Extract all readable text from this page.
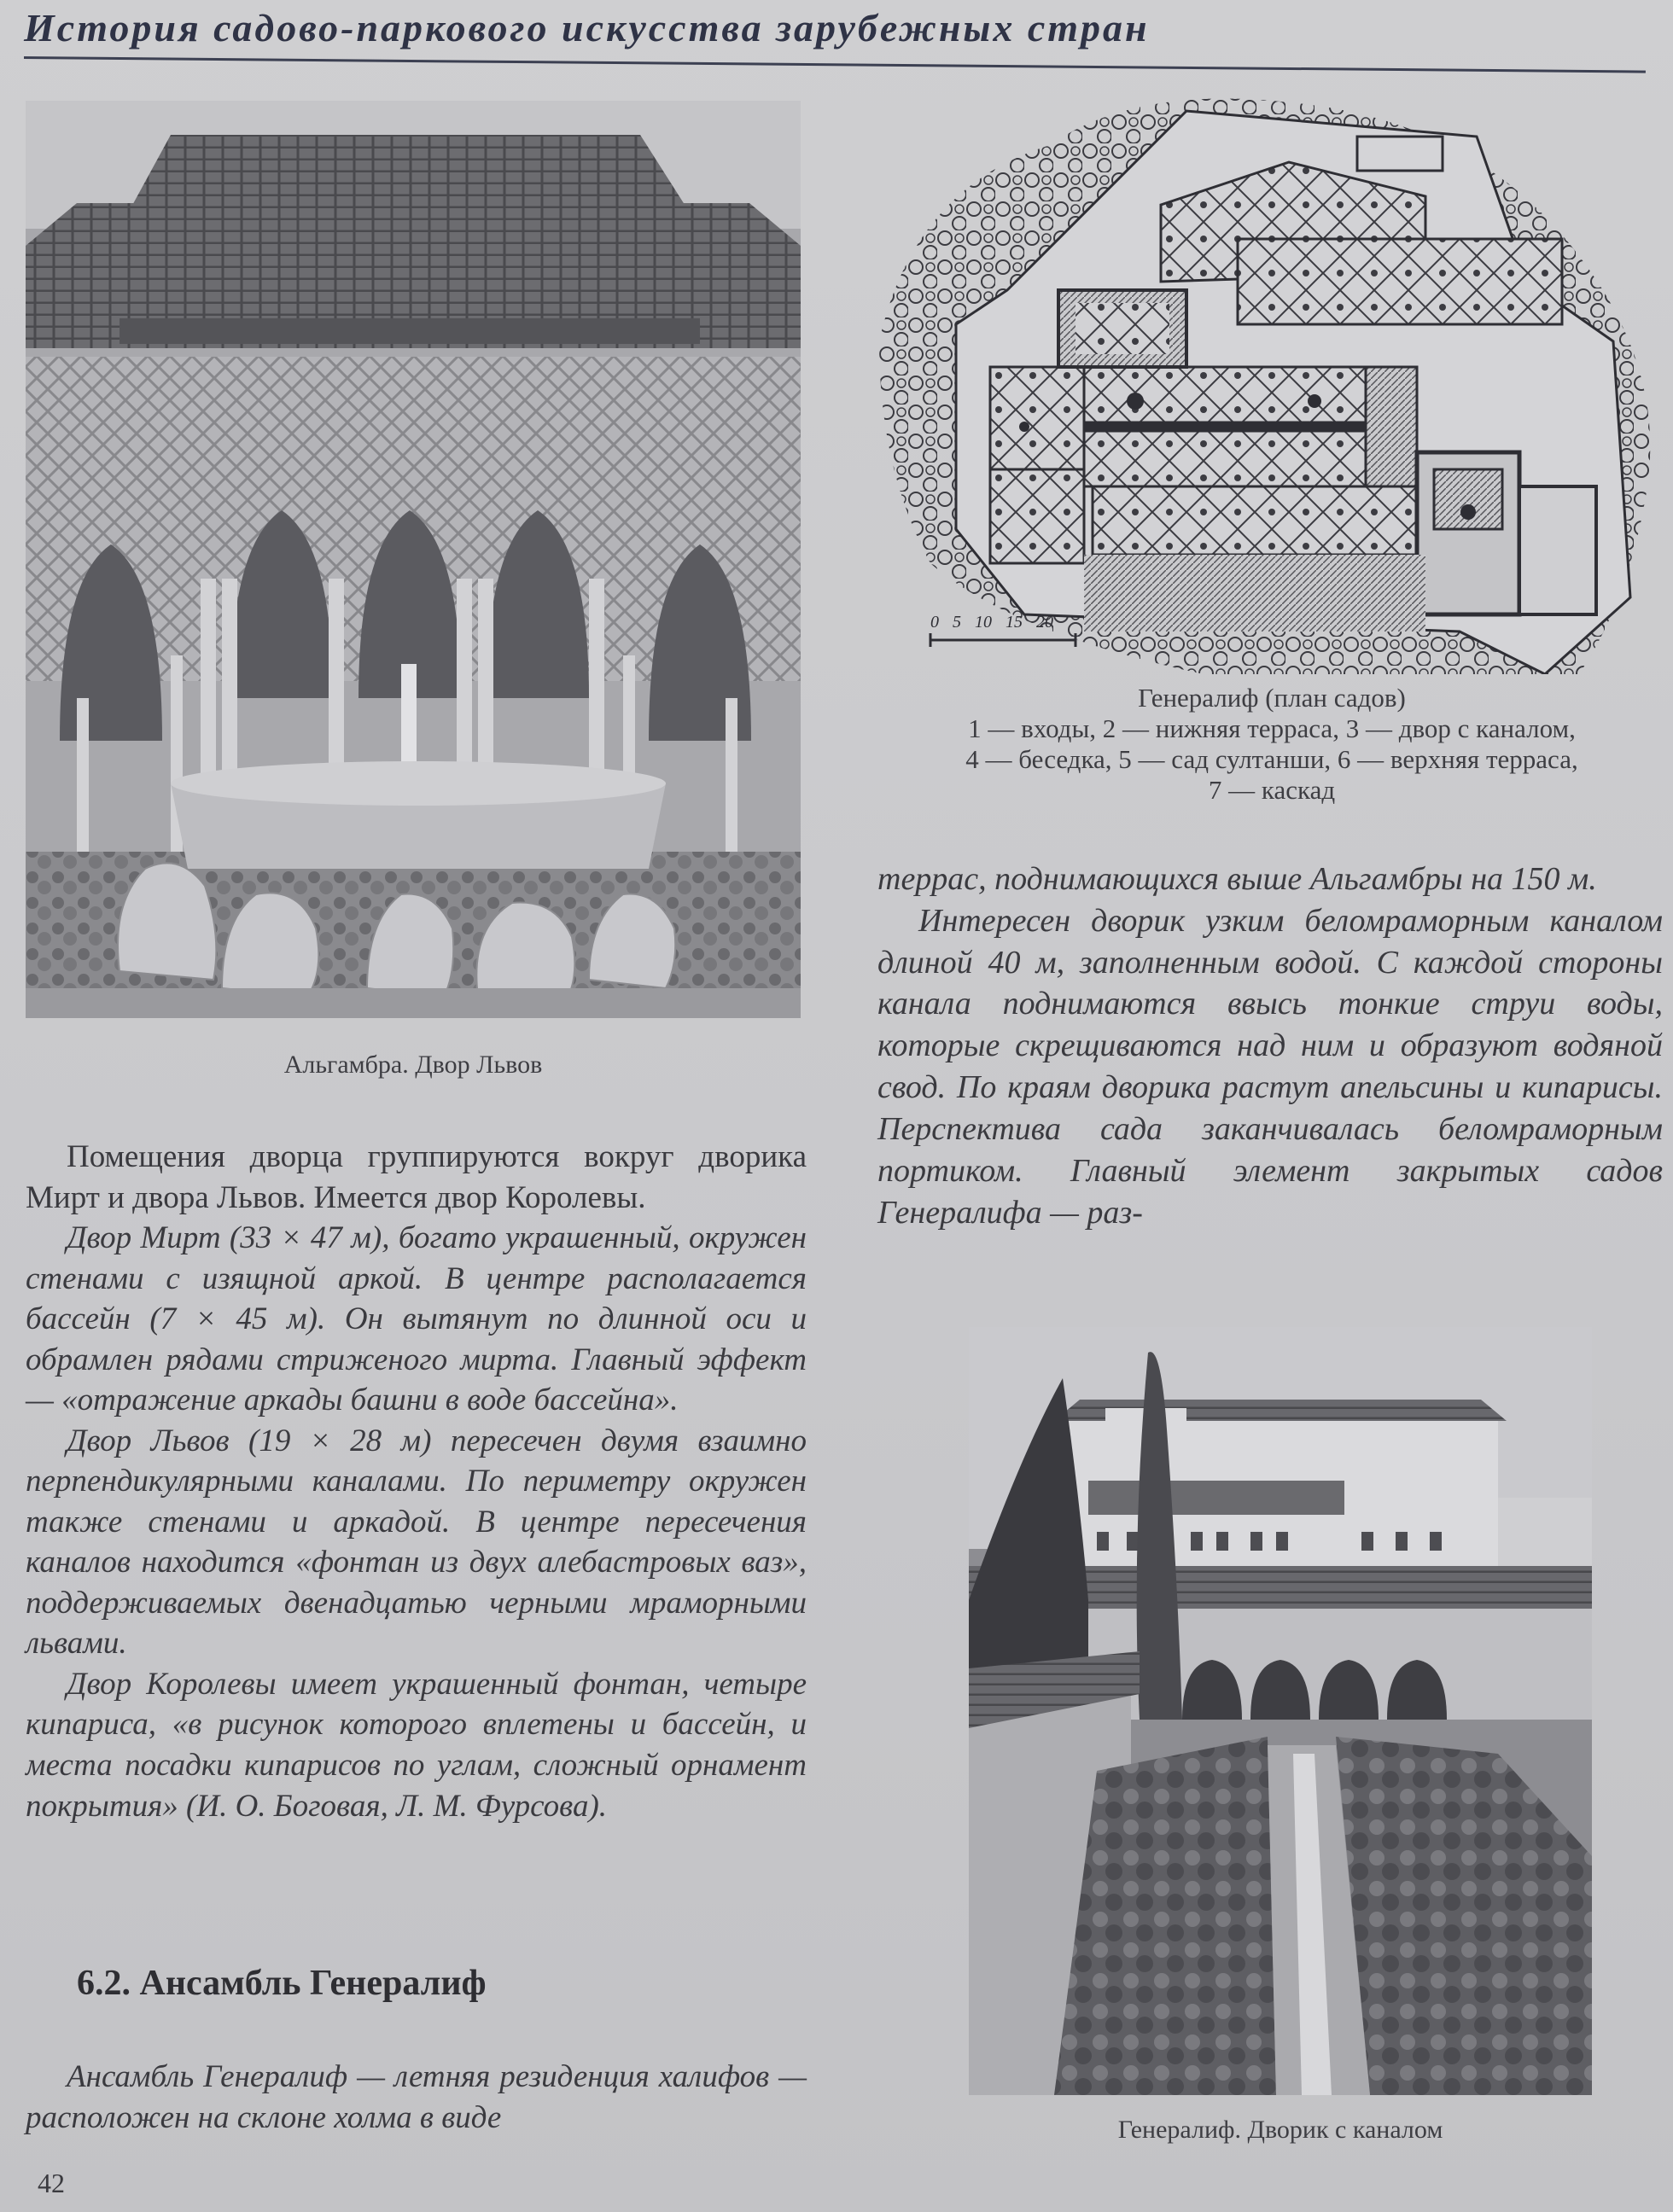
История садово-паркового искусства зарубежных стран
Альгамбра. Двор Львов
0 5 10 15 20
Генералиф (план садов)
1 — входы, 2 — нижняя терраса, 3 — двор с каналом,
4 — беседка, 5 — сад султанши, 6 — верхняя терраса,
7 — каскад

террас, поднимающихся выше Альгамбры на 150 м.

Интересен дворик узким беломраморным каналом длиной 40 м, заполненным водой. С каждой стороны канала поднимаются ввысь тонкие струи воды, которые скрещиваются над ним и образуют водяной свод. По краям дворика растут апельсины и кипарисы. Перспектива сада заканчивалась беломраморным портиком. Главный элемент закрытых садов Генералифа — раз-

Генералиф. Дворик с каналом

Помещения дворца группируются вокруг дворика Мирт и двора Львов. Имеется двор Королевы.

Двор Мирт (33 × 47 м), богато украшенный, окружен стенами с изящной аркой. В центре располагается бассейн (7 × 45 м). Он вытянут по длинной оси и обрамлен рядами стриженого мирта. Главный эффект — «отражение аркады башни в воде бассейна».

Двор Львов (19 × 28 м) пересечен двумя взаимно перпендикулярными каналами. По периметру окружен также стенами и аркадой. В центре пересечения каналов находится «фонтан из двух алебастровых ваз», поддерживаемых двенадцатью черными мраморными львами.

Двор Королевы имеет украшенный фонтан, четыре кипариса, «в рисунок которого вплетены и бассейн, и места посадки кипарисов по углам, сложный орнамент покрытия» (И. О. Боговая, Л. М. Фурсова).

6.2. Ансамбль Генералиф

Ансамбль Генералиф — летняя резиденция халифов — расположен на склоне холма в виде

42
